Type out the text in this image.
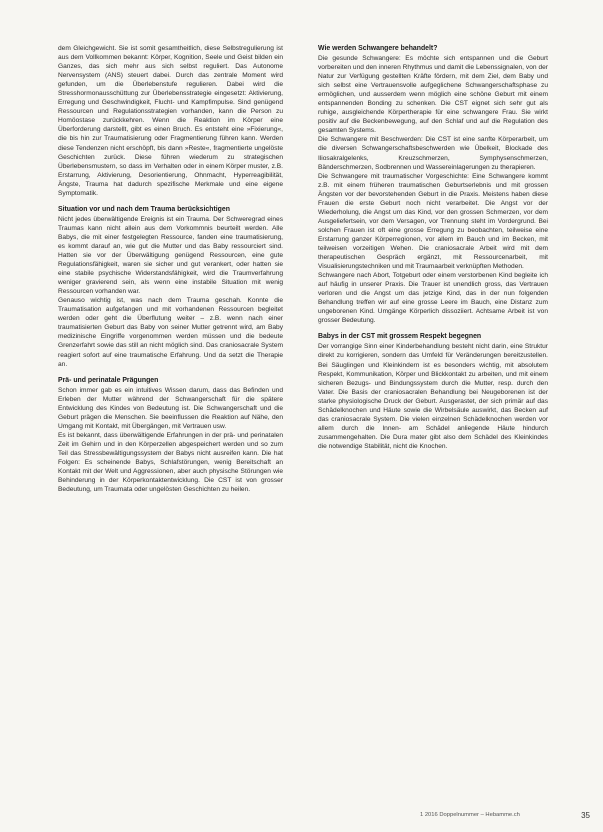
dem Gleichgewicht. Sie ist somit gesamtheitlich, diese Selbstregulierung ist aus dem Vollkommen bekannt: Körper, Kognition, Seele und Geist bilden ein Ganzes, das sich mehr aus sich selbst reguliert. Das Autonome Nervensystem (ANS) steuert dabei. Durch das zentrale Moment wird gefunden, um die Überlebenstufe regulieren. Dabei wird die Stresshormonausschüttung zur Überlebensstrategie eingesetzt: Aktivierung, Erregung und Geschwindigkeit, Flucht- und Kampfimpulse. Sind genügend Ressourcen und Regulationsstrategien vorhanden, kann die Person zu Homöostase zurückkehren. Wenn die Reaktion im Körper eine Überforderung darstellt, gibt es einen Bruch. Es entsteht eine »Fixierung«, die bis hin zur Traumatisierung oder Fragmentierung führen kann. Werden diese Tendenzen nicht erschöpft, bis dann »Reste«, fragmentierte ungelöste Geschichten zurück. Diese führen wiederum zu strategischen Überlebensmustern, so dass im Verhalten oder in einem Körper muster, z.B. Erstarrung, Aktivierung, Desorientierung, Ohnmacht, Hyperreagibilität, Ängste, Trauma hat dadurch spezifische Merkmale und eine eigene Symptomatik.

Situation vor und nach dem Trauma berücksichtigen

Nicht jedes überwältigende Ereignis ist ein Trauma. Der Schweregrad eines Traumas kann nicht allein aus dem Vorkommnis beurteilt werden. Alle Babys, die mit einer festgelegten Ressource, fanden eine traumatisierung, es kommt darauf an, wie gut die Mutter und das Baby ressourciert sind. Hatten sie vor der Überwältigung genügend Ressourcen, eine gute Regulationsfähigkeit, waren sie sicher und gut verankert, oder hatten sie eine stabile psychische Widerstandsfähigkeit, wird die Traumverfahrung weniger gravierend sein, als wenn eine instabile Situation mit wenig Ressourcen vorhanden war.

Genauso wichtig ist, was nach dem Trauma geschah. Konnte die Traumatisation aufgefangen und mit vorhandenen Ressourcen begleitet werden oder geht die Überflutung weiter – z.B. wenn nach einer traumatisierten Geburt das Baby von seiner Mutter getrennt wird, am Baby medizinische Eingriffe vorgenommen werden müssen und die bedeute Grenzerfahrt sowie das still an nicht möglich sind. Das craniosacrale System reagiert sofort auf eine traumatische Erfahrung. Und da setzt die Therapie an.

Prä- und perinatale Prägungen

Schon immer gab es ein intuitives Wissen darum, dass das Befinden und Erleben der Mutter während der Schwangerschaft für die spätere Entwicklung des Kindes von Bedeutung ist. Die Schwangerschaft und die Geburt prägen die Menschen. Sie beeinflussen die Reaktion auf Nähe, den Umgang mit Kontakt, mit Übergängen, mit Vertrauen usw.

Es ist bekannt, dass überwältigende Erfahrungen in der prä- und perinatalen Zeit im Gehirn und in den Körperzellen abgespeichert werden und so zum Teil das Stressbewältigungssystem der Babys nicht ausreifen kann. Die hat Folgen: Es scheinende Babys, Schlafstörungen, wenig Bereitschaft an Kontakt mit der Welt und Aggressionen, aber auch physische Störungen wie Behinderung in der Körperkontaktentwicklung. Die CST ist von grosser Bedeutung, um Traumata oder ungelösten Geschichten zu heilen.

Wie werden Schwangere behandelt?

Die gesunde Schwangere: Es möchte sich entspannen und die Geburt vorbereiten und den inneren Rhythmus und damit die Lebenssignalen, von der Natur zur Verfügung gestellten Kräfte fördern, mit dem Ziel, dem Baby und sich selbst eine Vertrauensvolle aufgeglichene Schwangerschaftsphase zu ermöglichen, und ausserdem wenn möglich eine schöne Geburt mit einem entspannenden Bonding zu schenken. Die CST eignet sich sehr gut als ruhige, ausgleichende Körpertherapie für eine schwangere Frau. Sie wirkt positiv auf die Beckenbewegung, auf den Schlaf und auf die Regulation des gesamten Systems.

Die Schwangere mit Beschwerden: Die CST ist eine sanfte Körperarbeit, um die diversen Schwangerschaftsbeschwerden wie Übelkeit, Blockade des Iliosakralgelenks, Kreuzschmerzen, Symphysenschmerzen, Bänderschmerzen, Sodbrennen und Wassereinlagerungen zu therapieren.

Die Schwangere mit traumatischer Vorgeschichte: Eine Schwangere kommt z.B. mit einem früheren traumatischen Geburtserlebnis und mit grossen Ängsten vor der bevorstehenden Geburt in die Praxis. Meistens haben diese Frauen die erste Geburt noch nicht verarbeitet. Die Angst vor der Wiederholung, die Angst um das Kind, vor den grossen Schmerzen, vor dem Ausgeliefertsein, vor dem Versagen, vor Trennung steht im Vordergrund. Bei solchen Frauen ist oft eine grosse Erregung zu beobachten, teilweise eine Erstarrung ganzer Körperregionen, vor allem im Bauch und im Becken, mit teilweisen vorzeitigen Wehen. Die craniosacrale Arbeit wird mit dem therapeutischen Gespräch ergänzt, mit Ressourcenarbeit, mit Visualisierungstechniken und mit Traumaarbeit verknüpften Methoden.

Schwangere nach Abort, Totgeburt oder einem verstorbenen Kind begleite ich auf häufig in unserer Praxis. Die Trauer ist unendlich gross, das Vertrauen verloren und die Angst um das jetzige Kind, das in der nun folgenden Behandlung treffen wir auf eine grosse Leere im Bauch, eine Distanz zum ungeborenen Kind. Umgänge Körperlich dissoziiert. Achtsame Arbeit ist von grosser Bedeutung.

Babys in der CST mit grossem Respekt begegnen

Der vorrangige Sinn einer Kinderbehandlung besteht nicht darin, eine Struktur direkt zu korrigieren, sondern das Umfeld für Veränderungen bereitzustellen. Bei Säuglingen und Kleinkindern ist es besonders wichtig, mit absolutem Respekt, Kommunikation, Körper und Blickkontakt zu arbeiten, und mit einem sicheren Bezugs- und Bindungssystem durch die Mutter, resp. durch den Vater. Die Basis der craniosacralen Behandlung bei Neugeborenen ist der starke physiologische Druck der Geburt. Ausgerastet, der sich primär auf das Schädelknochen und Häute sowie die Wirbelsäule auswirkt, das Becken auf das craniosacrale System. Die vielen einzelnen Schädelknochen werden vor allem durch die Innen- am Schädel anliegende Häute hindurch zusammengehalten. Die Dura mater gibt also dem Schädel des Kleinkindes die notwendige Stabilität, nicht die Knochen.

1 2016 Doppelnummer – Hebamme.ch	35
